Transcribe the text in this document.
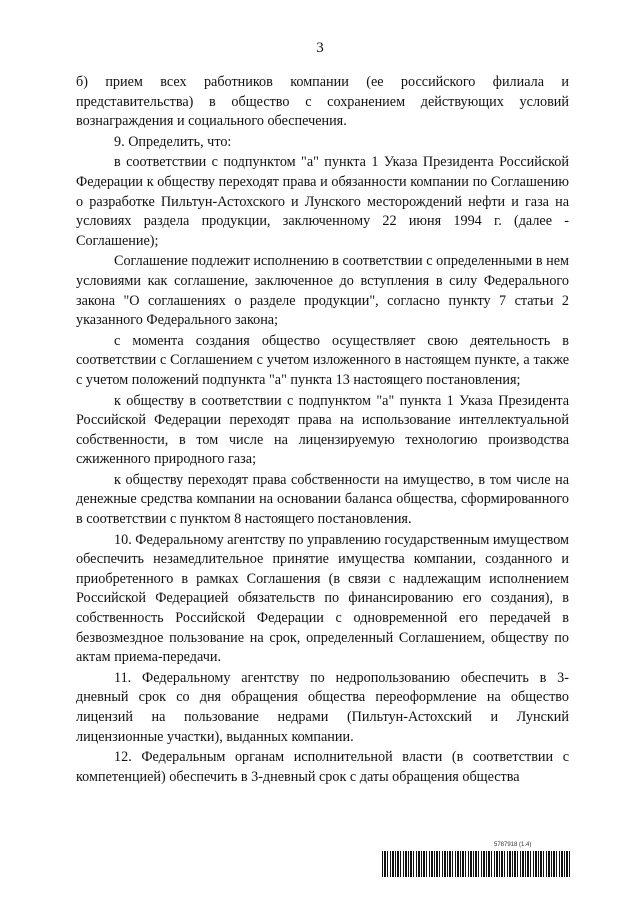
3

б) прием всех работников компании (ее российского филиала и представительства) в общество с сохранением действующих условий вознаграждения и социального обеспечения.

9. Определить, что:

в соответствии с подпунктом "а" пункта 1 Указа Президента Российской Федерации к обществу переходят права и обязанности компании по Соглашению о разработке Пильтун-Астохского и Лунского месторождений нефти и газа на условиях раздела продукции, заключенному 22 июня 1994 г. (далее - Соглашение);

Соглашение подлежит исполнению в соответствии с определенными в нем условиями как соглашение, заключенное до вступления в силу Федерального закона "О соглашениях о разделе продукции", согласно пункту 7 статьи 2 указанного Федерального закона;

с момента создания общество осуществляет свою деятельность в соответствии с Соглашением с учетом изложенного в настоящем пункте, а также с учетом положений подпункта "а" пункта 13 настоящего постановления;

к обществу в соответствии с подпунктом "а" пункта 1 Указа Президента Российской Федерации переходят права на использование интеллектуальной собственности, в том числе на лицензируемую технологию производства сжиженного природного газа;

к обществу переходят права собственности на имущество, в том числе на денежные средства компании на основании баланса общества, сформированного в соответствии с пунктом 8 настоящего постановления.

10. Федеральному агентству по управлению государственным имуществом обеспечить незамедлительное принятие имущества компании, созданного и приобретенного в рамках Соглашения (в связи с надлежащим исполнением Российской Федерацией обязательств по финансированию его создания), в собственность Российской Федерации с одновременной его передачей в безвозмездное пользование на срок, определенный Соглашением, обществу по актам приема-передачи.

11. Федеральному агентству по недропользованию обеспечить в 3-дневный срок со дня обращения общества переоформление на общество лицензий на пользование недрами (Пильтун-Астохский и Лунский лицензионные участки), выданных компании.

12. Федеральным органам исполнительной власти (в соответствии с компетенцией) обеспечить в 3-дневный срок с даты обращения общества

5787918 (1.4)
